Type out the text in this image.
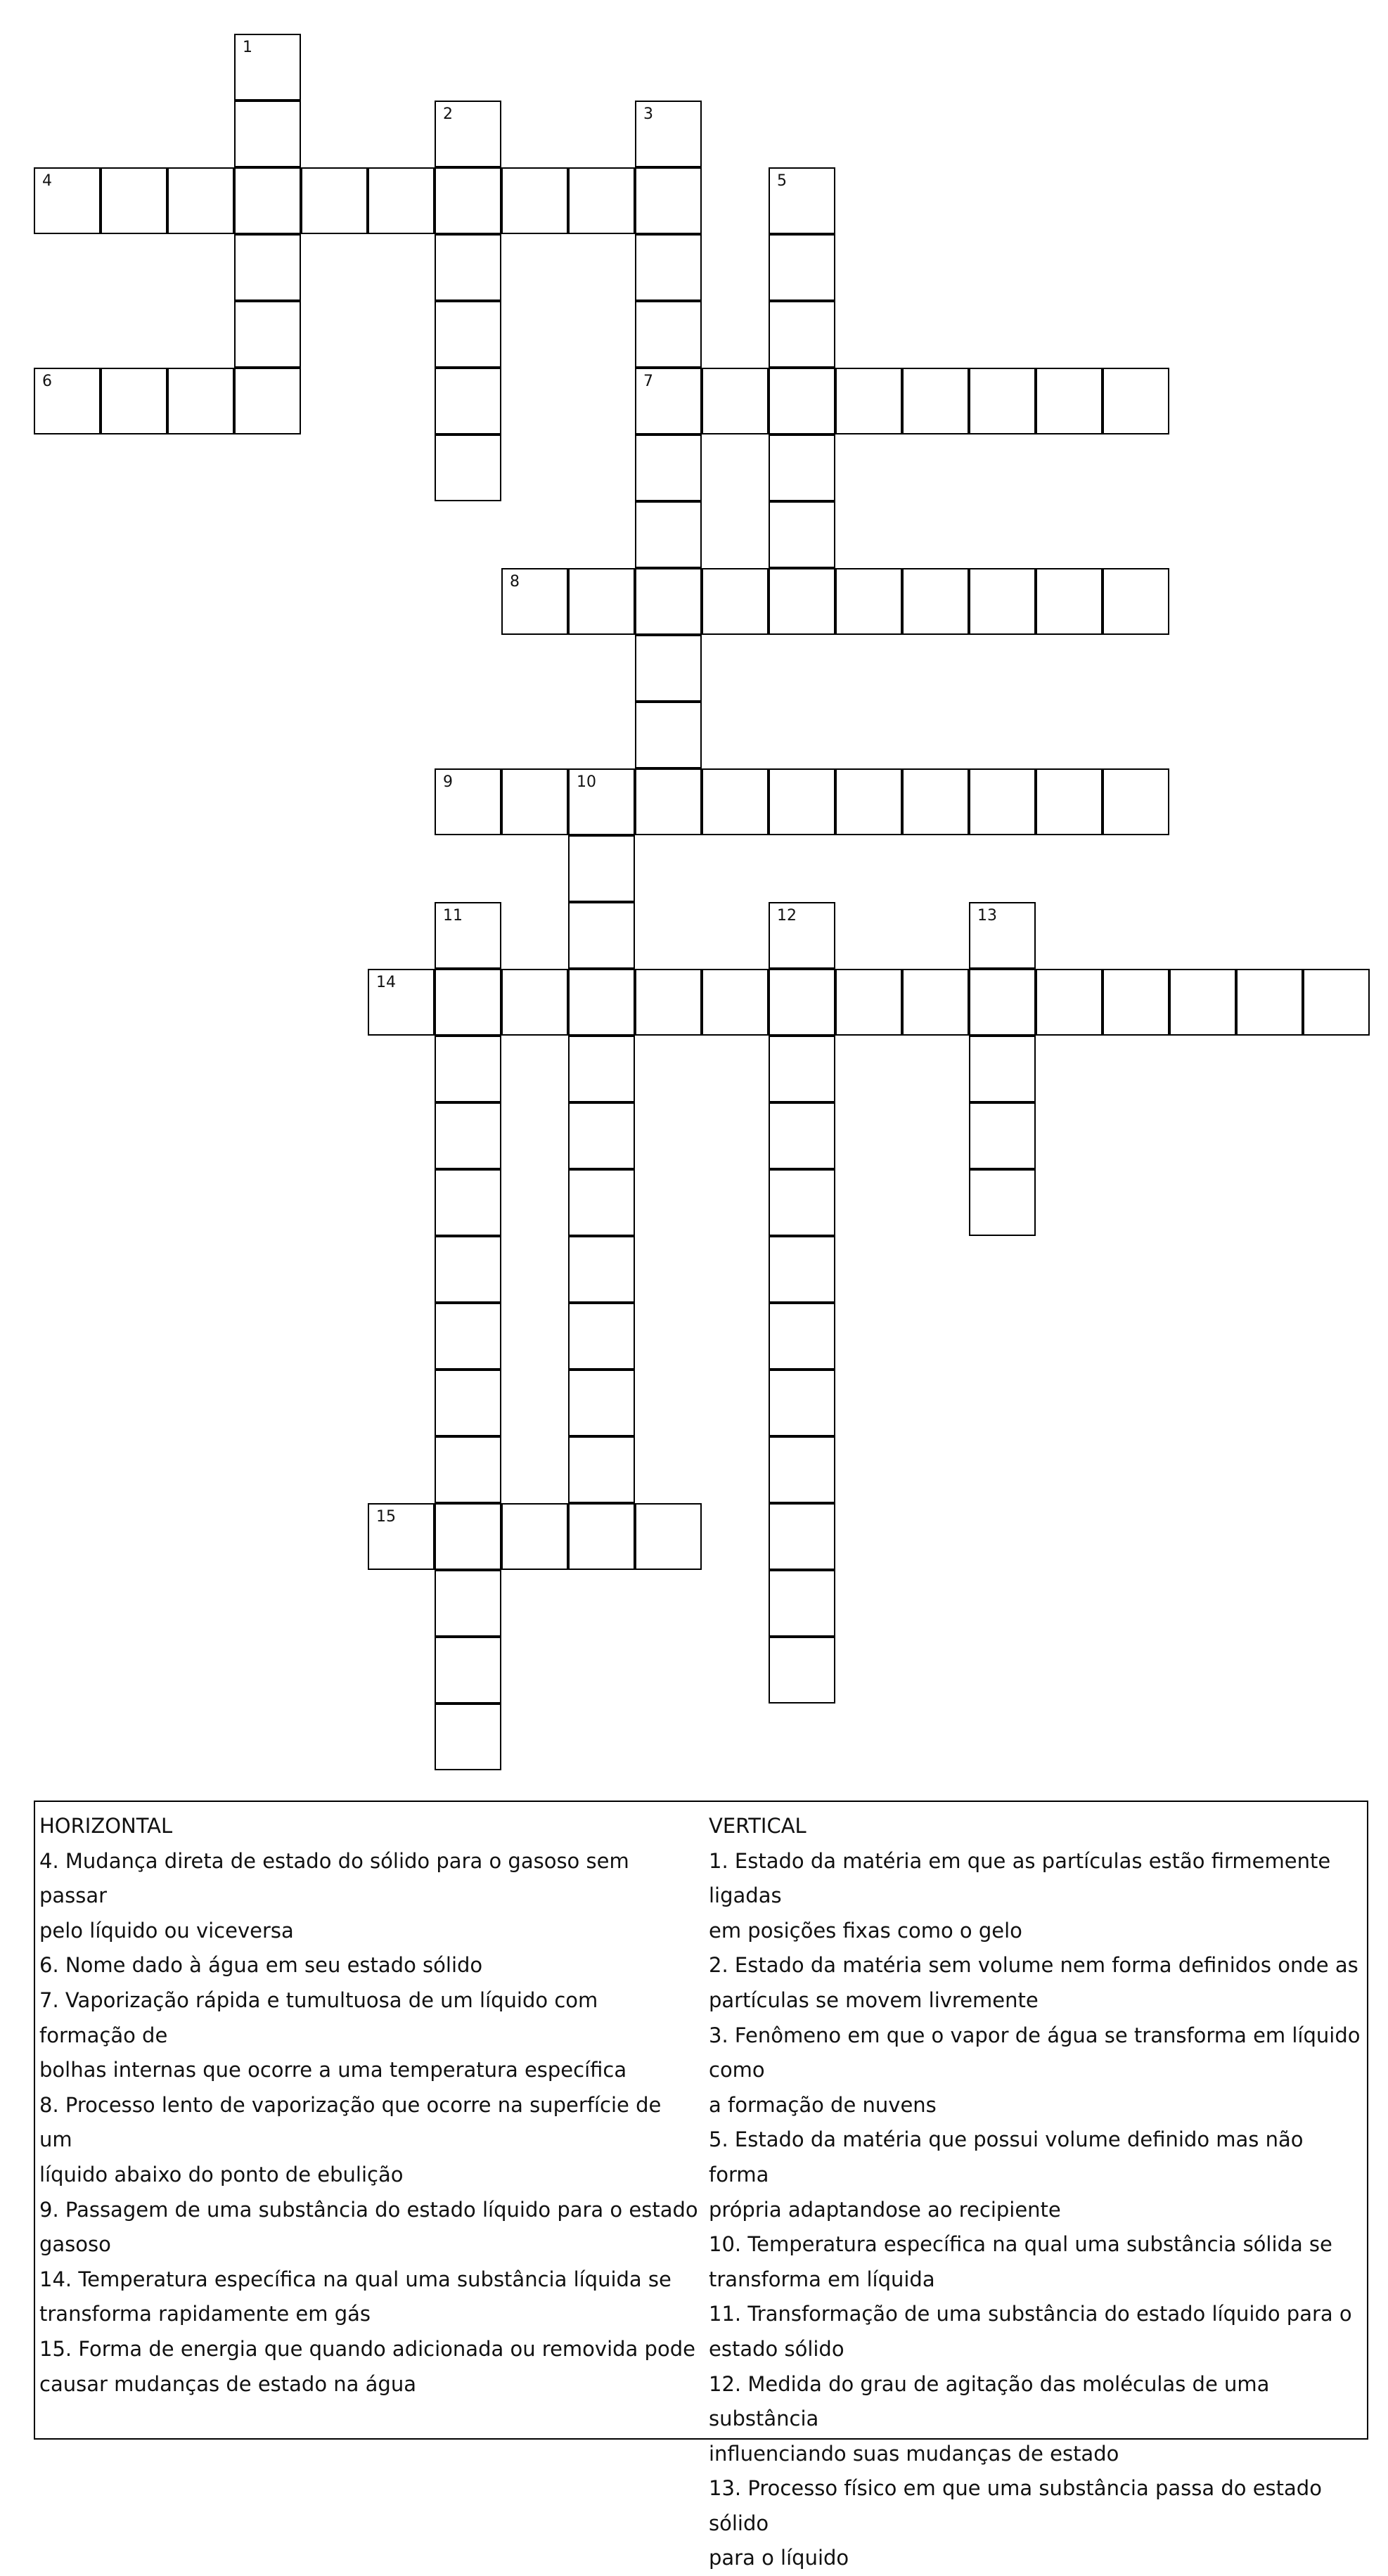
1
2	3
7
4	5
6
8
9	10
11	12	13
14
15

HORIZONTAL

4. Mudança direta de estado do sólido para o gasoso sem passar

pelo líquido ou viceversa

6. Nome dado à água em seu estado sólido

7. Vaporização rápida e tumultuosa de um líquido com formação de

bolhas internas que ocorre a uma temperatura específica

8. Processo lento de vaporização que ocorre na superfície de um

líquido abaixo do ponto de ebulição

9. Passagem de uma substância do estado líquido para o estado

gasoso

14. Temperatura específica na qual uma substância líquida se

transforma rapidamente em gás

15. Forma de energia que quando adicionada ou removida pode

causar mudanças de estado na água

VERTICAL

1. Estado da matéria em que as partículas estão firmemente ligadas

em posições fixas como o gelo

2. Estado da matéria sem volume nem forma definidos onde as

partículas se movem livremente

3. Fenômeno em que o vapor de água se transforma em líquido como

a formação de nuvens

5. Estado da matéria que possui volume definido mas não forma

própria adaptandose ao recipiente

10. Temperatura específica na qual uma substância sólida se

transforma em líquida

11. Transformação de uma substância do estado líquido para o

estado sólido

12. Medida do grau de agitação das moléculas de uma substância

influenciando suas mudanças de estado

13. Processo físico em que uma substância passa do estado sólido

para o líquido
